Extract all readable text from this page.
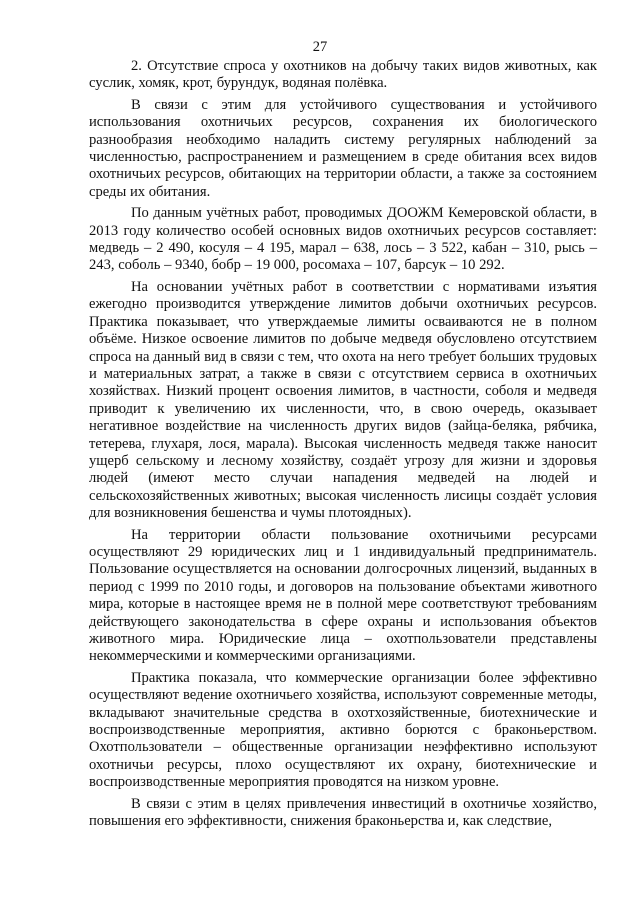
27

2. Отсутствие спроса у охотников на добычу таких видов животных, как суслик, хомяк, крот, бурундук, водяная полёвка.

В связи с этим для устойчивого существования и устойчивого использования охотничьих ресурсов, сохранения их биологического разнообразия необходимо наладить систему регулярных наблюдений за численностью, распространением и размещением в среде обитания всех видов охотничьих ресурсов, обитающих на территории области, а также за состоянием среды их обитания.

По данным учётных работ, проводимых ДООЖМ Кемеровской области, в 2013 году количество особей основных видов охотничьих ресурсов составляет: медведь – 2 490, косуля – 4 195, марал – 638, лось – 3 522, кабан – 310, рысь – 243, соболь – 9340, бобр – 19 000, росомаха – 107, барсук – 10 292.

На основании учётных работ в соответствии с нормативами изъятия ежегодно производится утверждение лимитов добычи охотничьих ресурсов. Практика показывает, что утверждаемые лимиты осваиваются не в полном объёме. Низкое освоение лимитов по добыче медведя обусловлено отсутствием спроса на данный вид в связи с тем, что охота на него требует больших трудовых и материальных затрат, а также в связи с отсутствием сервиса в охотничьих хозяйствах. Низкий процент освоения лимитов, в частности, соболя и медведя приводит к увеличению их численности, что, в свою очередь, оказывает негативное воздействие на численность других видов (зайца-беляка, рябчика, тетерева, глухаря, лося, марала). Высокая численность медведя также наносит ущерб сельскому и лесному хозяйству, создаёт угрозу для жизни и здоровья людей (имеют место случаи нападения медведей на людей и сельскохозяйственных животных; высокая численность лисицы создаёт условия для возникновения бешенства и чумы плотоядных).

На территории области пользование охотничьими ресурсами осуществляют 29 юридических лиц и 1 индивидуальный предприниматель. Пользование осуществляется на основании долгосрочных лицензий, выданных в период с 1999 по 2010 годы, и договоров на пользование объектами животного мира, которые в настоящее время не в полной мере соответствуют требованиям действующего законодательства в сфере охраны и использования объектов животного мира. Юридические лица – охотпользователи представлены некоммерческими и коммерческими организациями.

Практика показала, что коммерческие организации более эффективно осуществляют ведение охотничьего хозяйства, используют современные методы, вкладывают значительные средства в охотхозяйственные, биотехнические и воспроизводственные мероприятия, активно борются с браконьерством. Охотпользователи – общественные организации неэффективно используют охотничьи ресурсы, плохо осуществляют их охрану, биотехнические и воспроизводственные мероприятия проводятся на низком уровне.

В связи с этим в целях привлечения инвестиций в охотничье хозяйство, повышения его эффективности, снижения браконьерства и, как следствие,
